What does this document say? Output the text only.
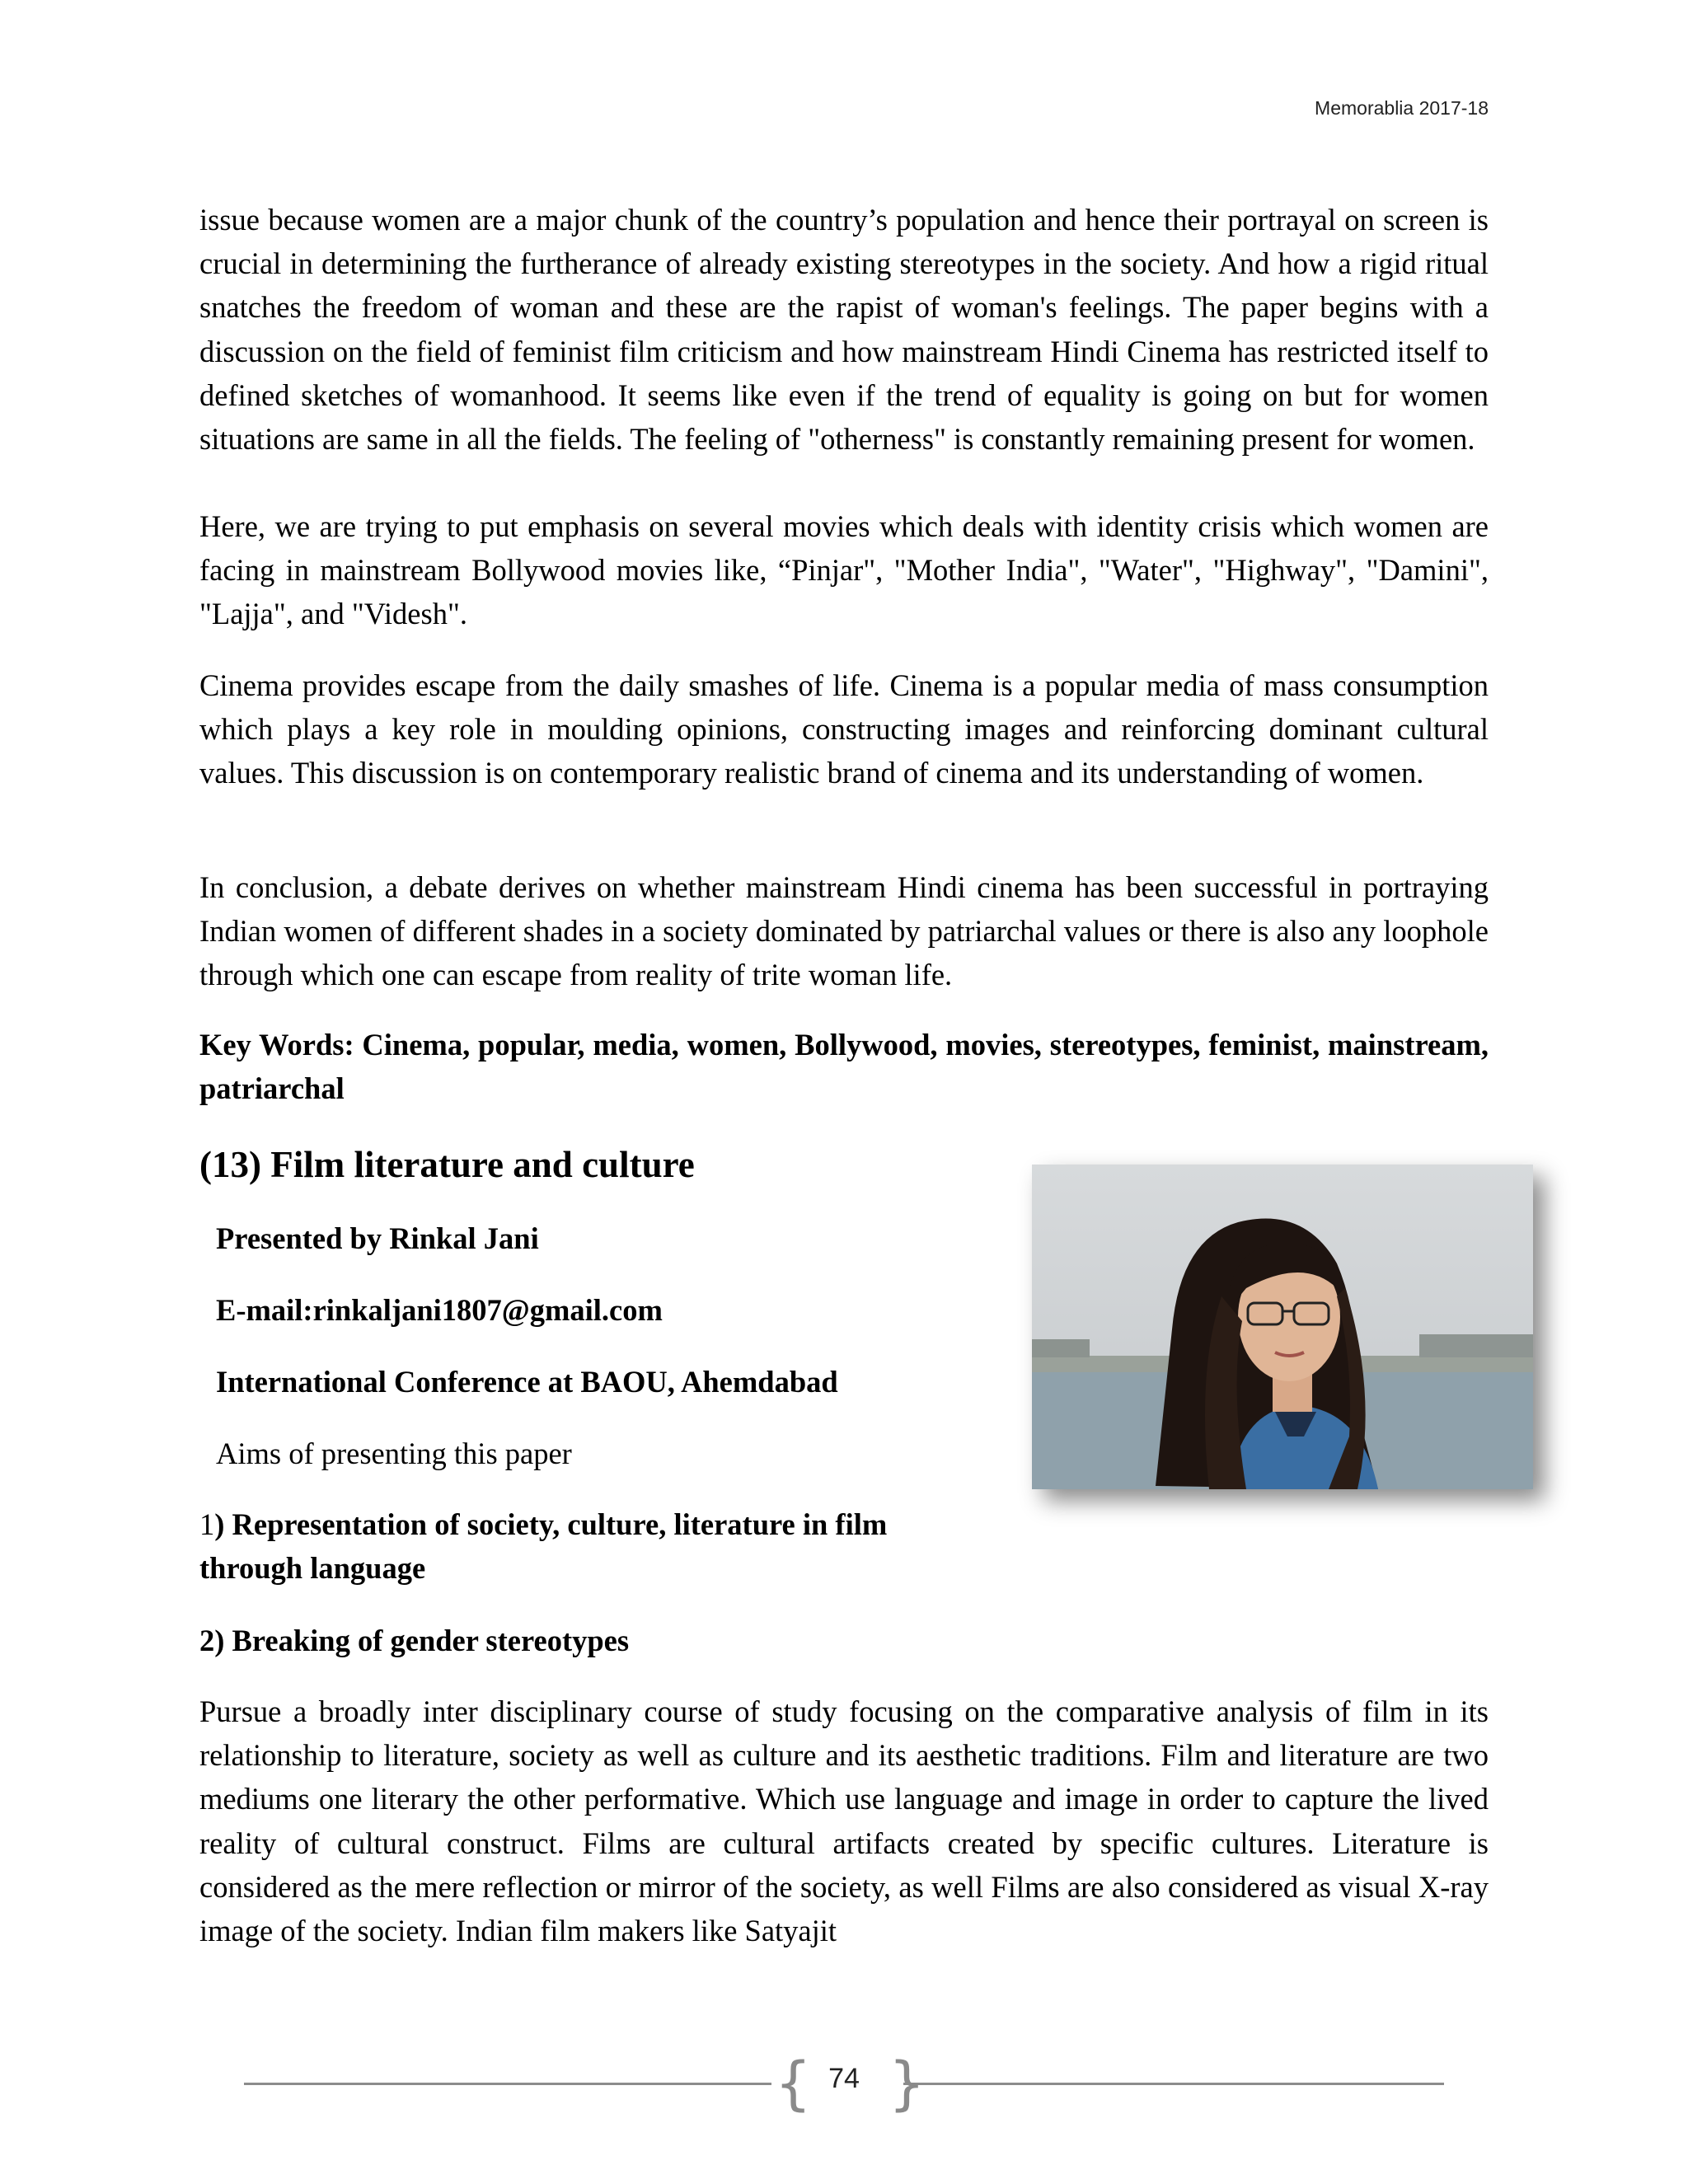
Memorablia 2017-18

issue because women are a major chunk of the country’s population and hence their portrayal on screen is crucial in determining the furtherance of already existing stereotypes in the society. And how a rigid ritual snatches the freedom of woman and these are the rapist of woman's feelings. The paper begins with a discussion on the field of feminist film criticism and how mainstream Hindi Cinema has restricted itself to defined sketches of womanhood. It seems like even if the trend of equality is going on but for women situations are same in all the fields. The feeling of "otherness" is constantly remaining present for women.

Here, we are trying to put emphasis on several movies which deals with identity crisis which women are facing in mainstream Bollywood movies like, “Pinjar", "Mother India", "Water", "Highway", "Damini", "Lajja", and "Videsh".

Cinema provides escape from the daily smashes of life. Cinema is a popular media of mass consumption which plays a key role in moulding opinions, constructing images and reinforcing dominant cultural values. This discussion is on contemporary realistic brand of cinema and its understanding of women.

In conclusion, a debate derives on whether mainstream Hindi cinema has been successful in portraying Indian women of different shades in a society dominated by patriarchal values or there is also any loophole through which one can escape from reality of trite woman life.

Key Words: Cinema, popular, media, women, Bollywood, movies, stereotypes, feminist, mainstream, patriarchal

(13) Film literature and culture

Presented by Rinkal Jani

E-mail:rinkaljani1807@gmail.com

International Conference at BAOU, Ahemdabad

Aims of presenting this paper

1) Representation of society, culture, literature in film through language

2) Breaking of gender stereotypes

Pursue a broadly inter disciplinary course of study focusing on the comparative analysis of film in its relationship to literature, society as well as culture and its aesthetic traditions. Film and literature are two mediums one literary the other performative. Which use language and image in order to capture the lived reality of cultural construct. Films are cultural artifacts created by specific cultures. Literature is considered as the mere reflection or mirror of the society, as well Films are also considered as visual X-ray image of the society. Indian film makers like Satyajit

{ }
74
